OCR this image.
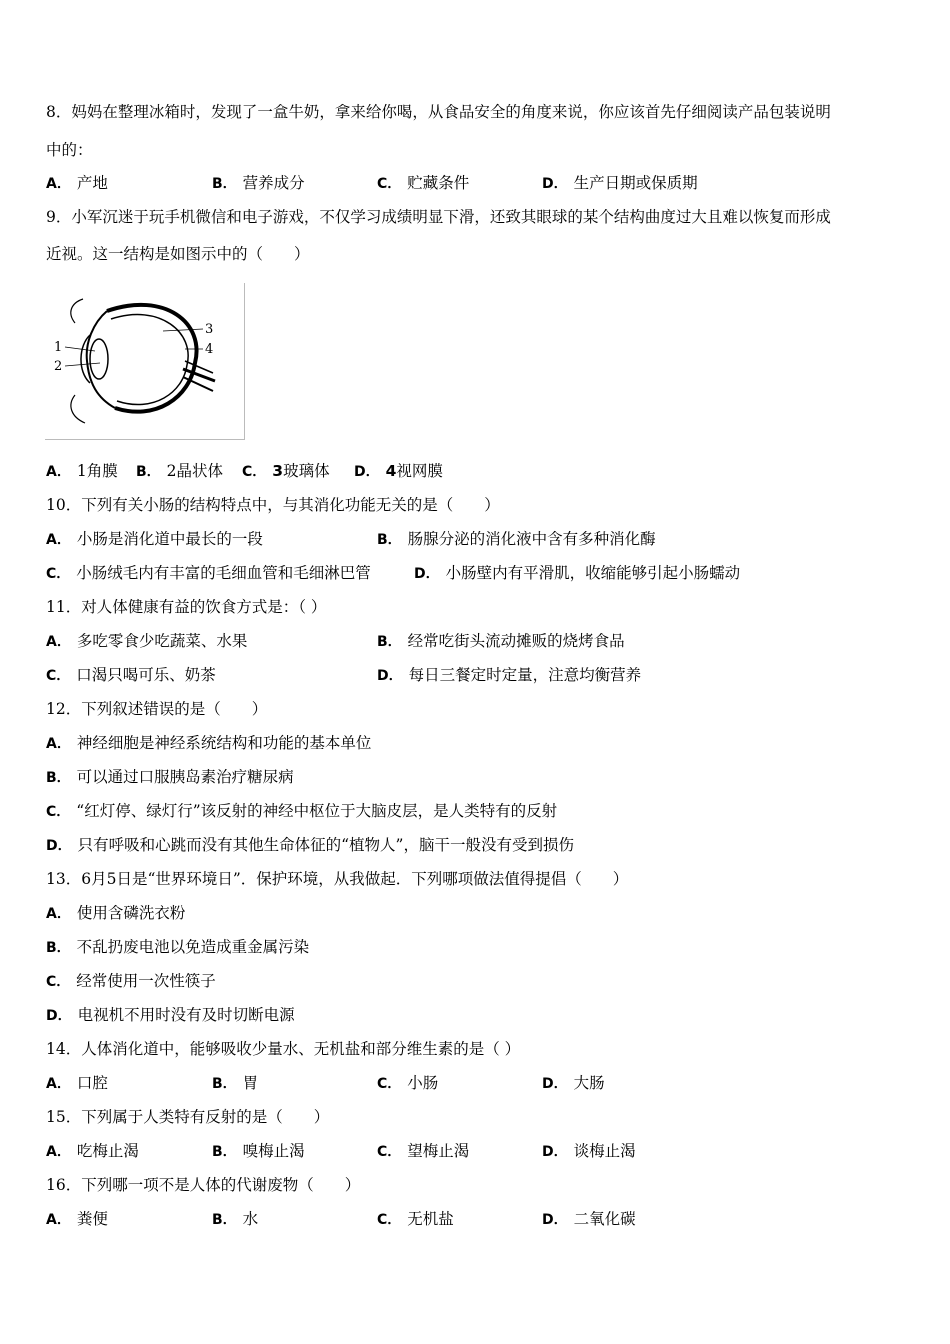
8．妈妈在整理冰箱时，发现了一盒牛奶，拿来给你喝，从食品安全的角度来说，你应该首先仔细阅读产品包装说明
中的：
A． 产地	B． 营养成分	C． 贮藏条件	D． 生产日期或保质期
9．小军沉迷于玩手机微信和电子游戏，不仅学习成绩明显下滑，还致其眼球的某个结构曲度过大且难以恢复而形成
近视。这一结构是如图示中的（　　）
1
2
3
4
A． 1角膜 B． 2晶状体 C． 3玻璃体 D． 4视网膜
10．下列有关小肠的结构特点中，与其消化功能无关的是（　　）
A． 小肠是消化道中最长的一段	B． 肠腺分泌的消化液中含有多种消化酶
C． 小肠绒毛内有丰富的毛细血管和毛细淋巴管	D． 小肠壁内有平滑肌，收缩能够引起小肠蠕动
11．对人体健康有益的饮食方式是：（ ）
A． 多吃零食少吃蔬菜、水果	B． 经常吃街头流动摊贩的烧烤食品
C． 口渴只喝可乐、奶茶	D． 每日三餐定时定量，注意均衡营养
12．下列叙述错误的是（　　）
A． 神经细胞是神经系统结构和功能的基本单位
B． 可以通过口服胰岛素治疗糖尿病
C． “红灯停、绿灯行”该反射的神经中枢位于大脑皮层，是人类特有的反射
D． 只有呼吸和心跳而没有其他生命体征的“植物人”，脑干一般没有受到损伤
13．6月5日是“世界环境日”．保护环境，从我做起．下列哪项做法值得提倡（　　）
A． 使用含磷洗衣粉
B． 不乱扔废电池以免造成重金属污染
C． 经常使用一次性筷子
D． 电视机不用时没有及时切断电源
14．人体消化道中，能够吸收少量水、无机盐和部分维生素的是（ ）
A． 口腔	B． 胃	C． 小肠	D． 大肠
15．下列属于人类特有反射的是（　　）
A． 吃梅止渴	B． 嗅梅止渴	C． 望梅止渴	D． 谈梅止渴
16．下列哪一项不是人体的代谢废物（　　）
A． 粪便	B． 水	C． 无机盐	D． 二氧化碳
